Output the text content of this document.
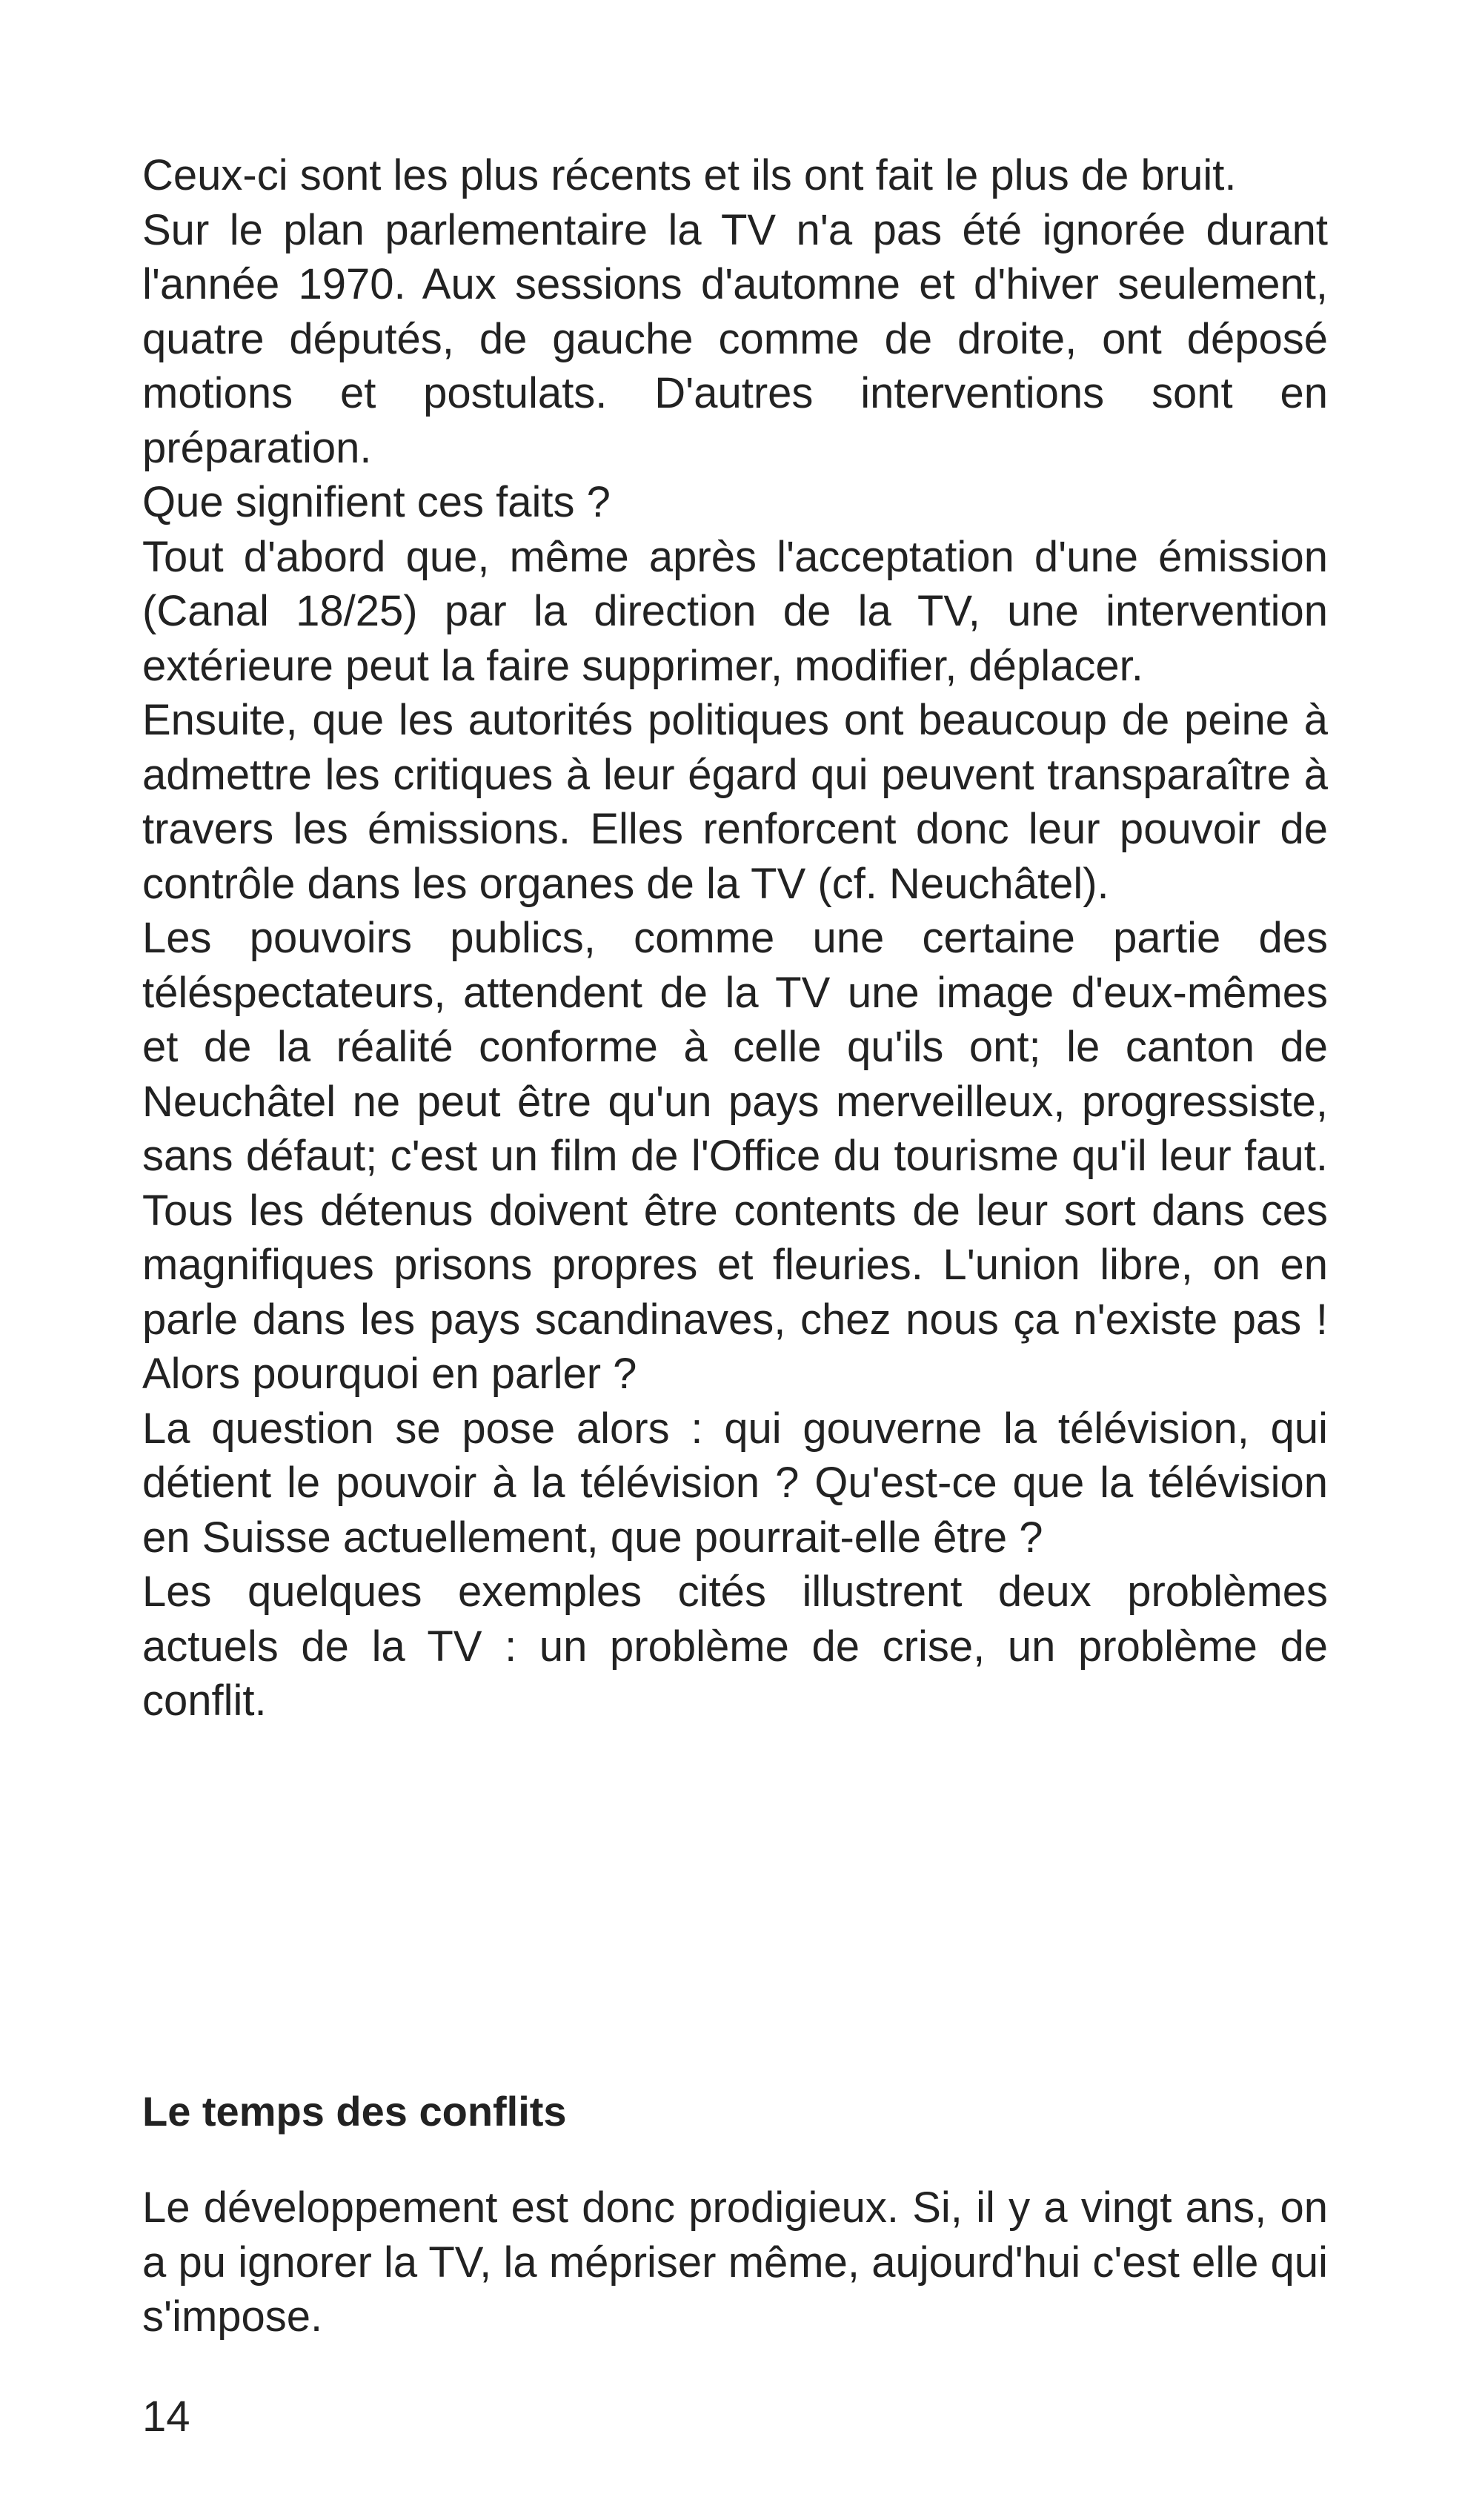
Ceux-ci sont les plus récents et ils ont fait le plus de bruit.

Sur le plan parlementaire la TV n'a pas été ignorée durant l'année 1970. Aux sessions d'automne et d'hiver seulement, quatre députés, de gauche comme de droite, ont déposé motions et postulats. D'autres interventions sont en préparation.

Que signifient ces faits ?

Tout d'abord que, même après l'acceptation d'une émission (Canal 18/25) par la direction de la TV, une intervention extérieure peut la faire supprimer, modifier, déplacer.

Ensuite, que les autorités politiques ont beaucoup de peine à admettre les critiques à leur égard qui peuvent transparaître à travers les émissions. Elles renforcent donc leur pouvoir de contrôle dans les organes de la TV (cf. Neuchâtel).

Les pouvoirs publics, comme une certaine partie des téléspectateurs, attendent de la TV une image d'eux-mêmes et de la réalité conforme à celle qu'ils ont; le canton de Neuchâtel ne peut être qu'un pays merveilleux, progressiste, sans défaut; c'est un film de l'Office du tourisme qu'il leur faut. Tous les détenus doivent être contents de leur sort dans ces magnifiques prisons propres et fleuries. L'union libre, on en parle dans les pays scandinaves, chez nous ça n'existe pas ! Alors pourquoi en parler ?

La question se pose alors : qui gouverne la télévision, qui détient le pouvoir à la télévision ? Qu'est-ce que la télévision en Suisse actuellement, que pourrait-elle être ?

Les quelques exemples cités illustrent deux problèmes actuels de la TV : un problème de crise, un problème de conflit.

Le temps des conflits

Le développement est donc prodigieux. Si, il y a vingt ans, on a pu ignorer la TV, la mépriser même, aujourd'hui c'est elle qui s'impose.

14
